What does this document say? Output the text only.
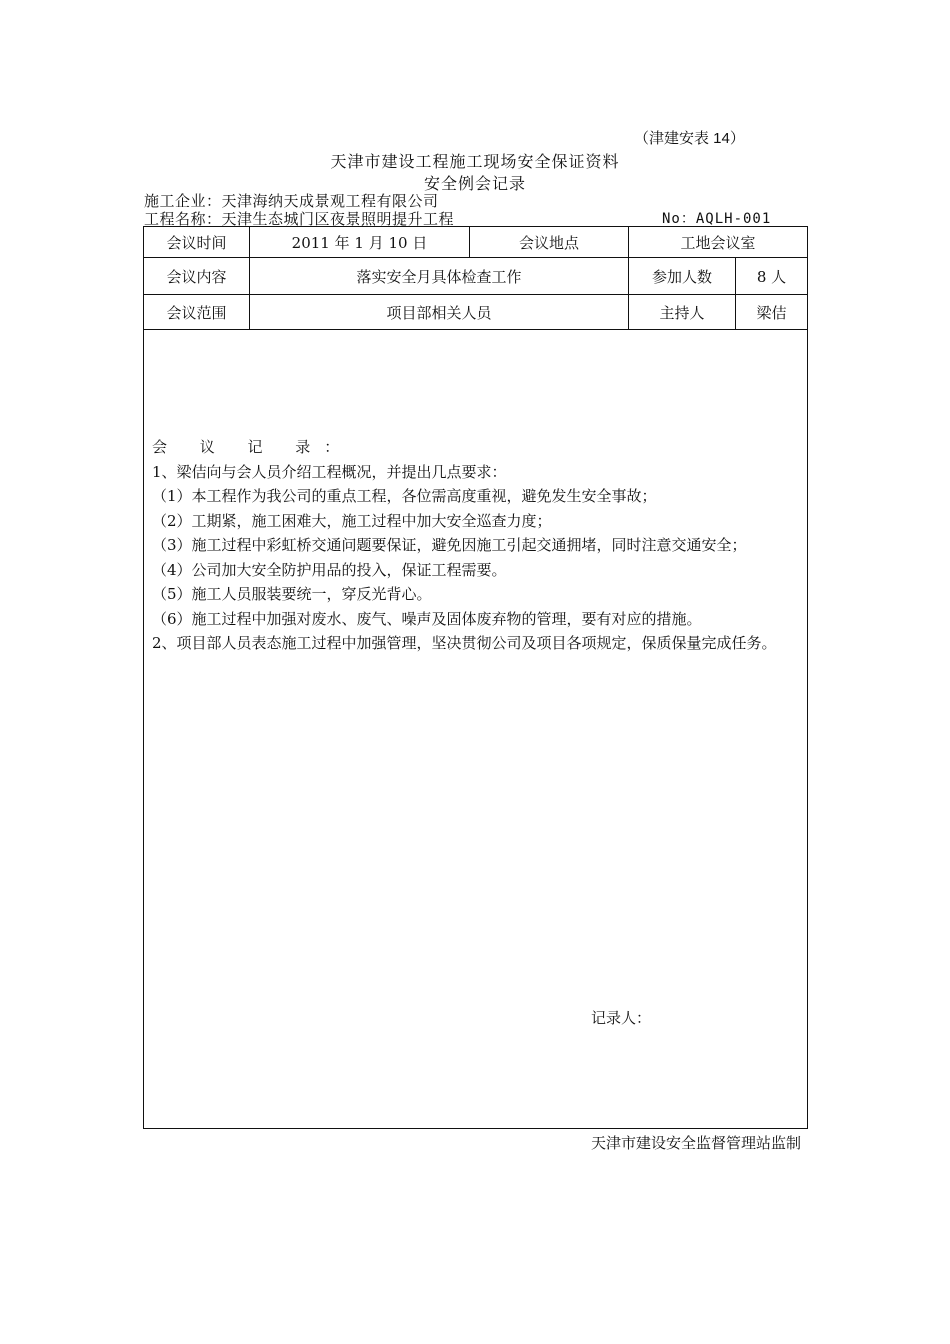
（津建安表 14）
天津市建设工程施工现场安全保证资料
安全例会记录
施工企业：天津海纳天成景观工程有限公司
工程名称：天津生态城门区夜景照明提升工程	No：AQLH-001
会议时间	2011 年 1 月 10 日	会议地点	工地会议室	
会议内容	落实安全月具体检查工作		参加人数	8 人
会议范围	项目部相关人员		主持人	梁佶
会 议 记 录：
1、梁佶向与会人员介绍工程概况，并提出几点要求：
（1）本工程作为我公司的重点工程，各位需高度重视，避免发生安全事故；
（2）工期紧，施工困难大，施工过程中加大安全巡查力度；
（3）施工过程中彩虹桥交通问题要保证，避免因施工引起交通拥堵，同时注意交通安全；
（4）公司加大安全防护用品的投入，保证工程需要。
（5）施工人员服装要统一，穿反光背心。
（6）施工过程中加强对废水、废气、噪声及固体废弃物的管理，要有对应的措施。
2、项目部人员表态施工过程中加强管理，坚决贯彻公司及项目各项规定，保质保量完成任务。
记录人：
天津市建设安全监督管理站监制
